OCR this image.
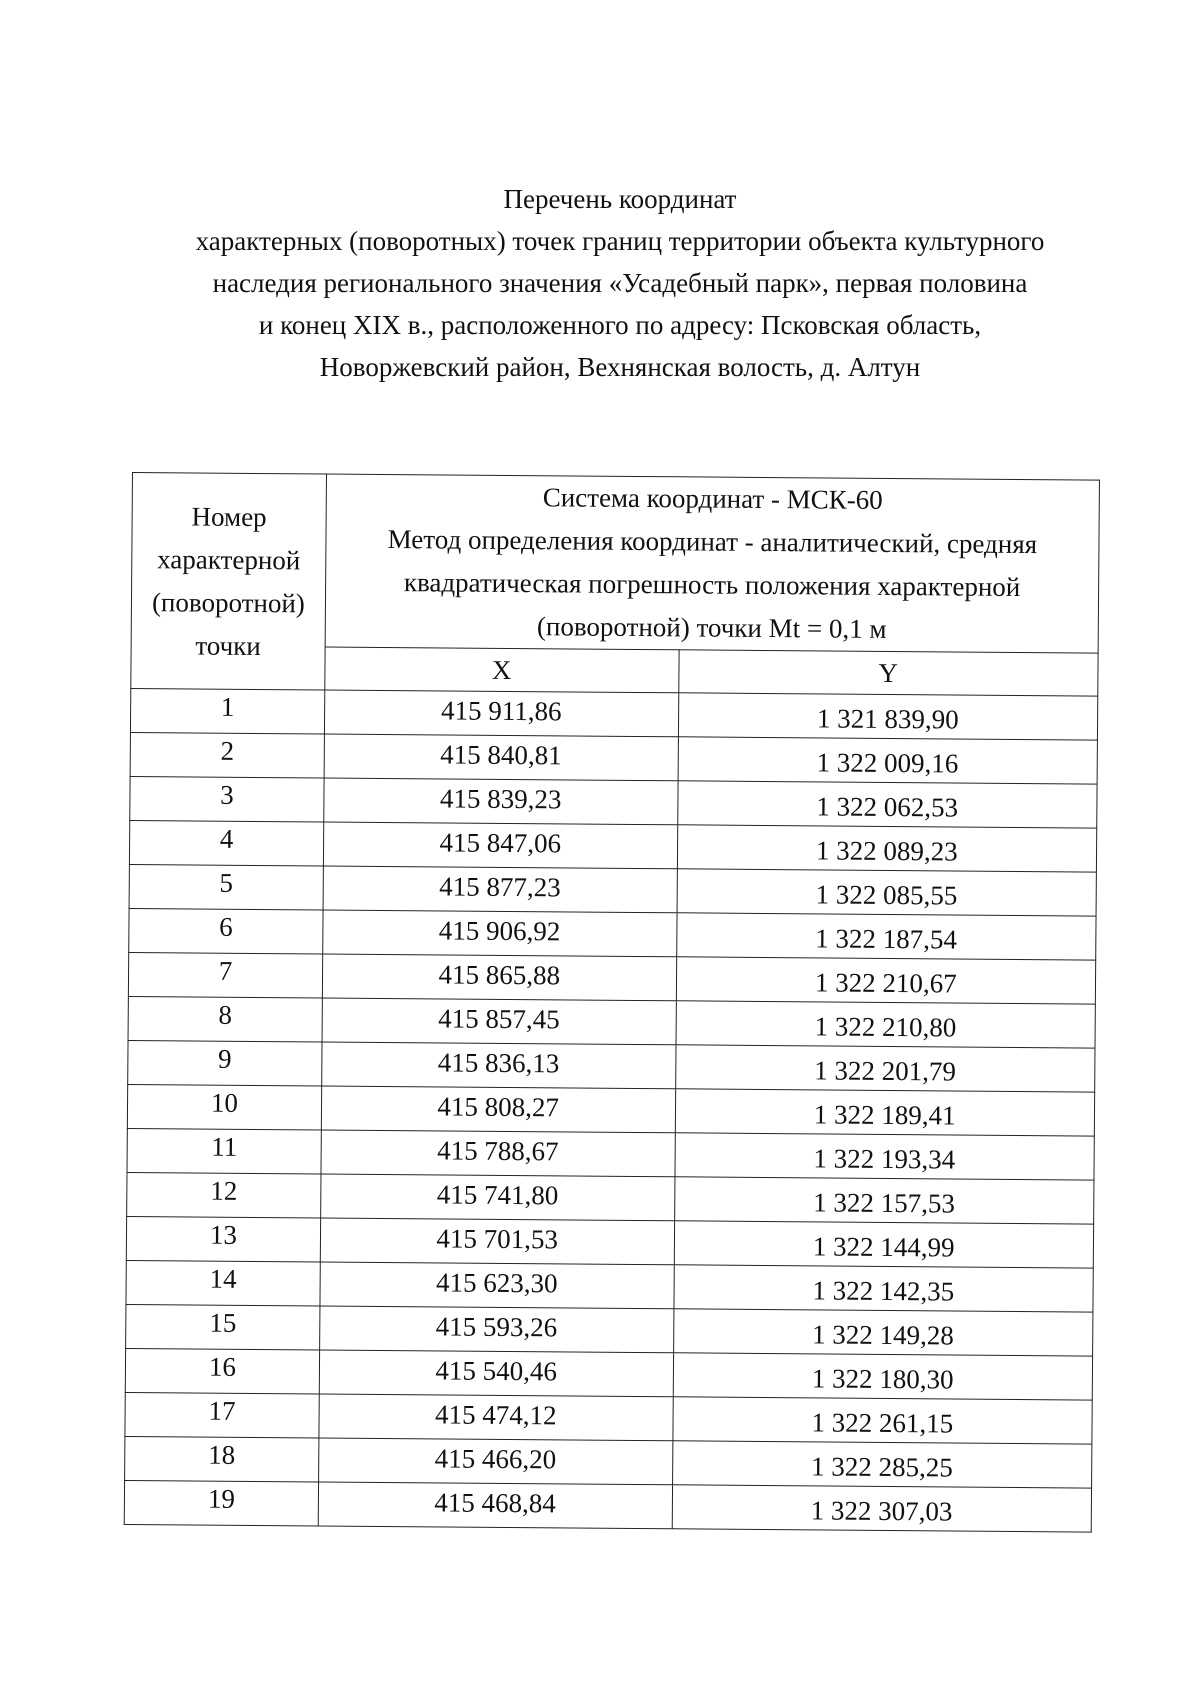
Перечень координат
характерных (поворотных) точек границ территории объекта культурного
наследия регионального значения «Усадебный парк», первая половина
и конец XIX в., расположенного по адресу: Псковская область,
Новоржевский район, Вехнянская волость, д. Алтун
Номер
характерной
(поворотной)
точки	Система координат - МСК-60
Метод определения координат - аналитический, средняя
квадратическая погрешность положения характерной
(поворотной) точки Mt = 0,1 м	

	X	Y
1	415 911,86	1 321 839,90
2	415 840,81	1 322 009,16
3	415 839,23	1 322 062,53
4	415 847,06	1 322 089,23
5	415 877,23	1 322 085,55
6	415 906,92	1 322 187,54
7	415 865,88	1 322 210,67
8	415 857,45	1 322 210,80
9	415 836,13	1 322 201,79
10	415 808,27	1 322 189,41
11	415 788,67	1 322 193,34
12	415 741,80	1 322 157,53
13	415 701,53	1 322 144,99
14	415 623,30	1 322 142,35
15	415 593,26	1 322 149,28
16	415 540,46	1 322 180,30
17	415 474,12	1 322 261,15
18	415 466,20	1 322 285,25
19	415 468,84	1 322 307,03
